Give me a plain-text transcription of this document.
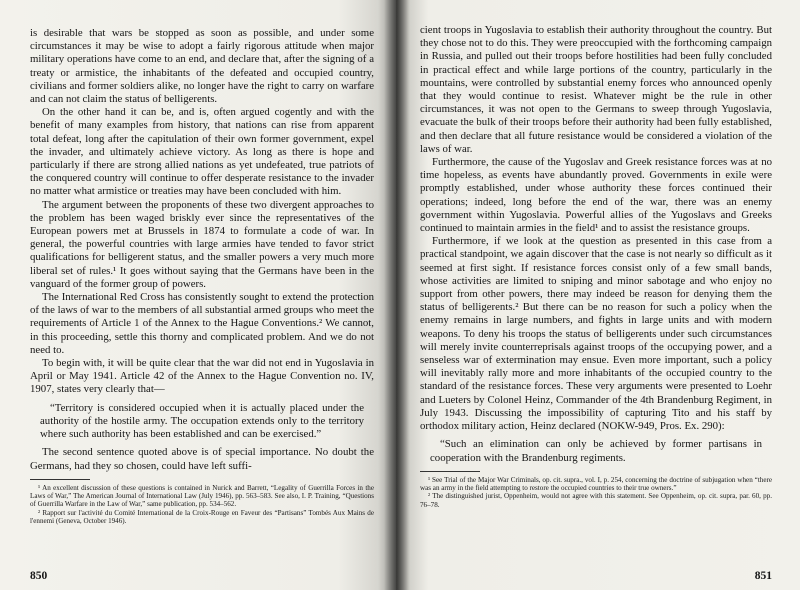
is desirable that wars be stopped as soon as possible, and under some circumstances it may be wise to adopt a fairly rigorous attitude when major military operations have come to an end, and declare that, after the signing of a treaty or armistice, the inhabitants of the defeated and occupied country, civilians and former soldiers alike, no longer have the right to carry on warfare and can not claim the status of belligerents.

On the other hand it can be, and is, often argued cogently and with the benefit of many examples from history, that nations can rise from apparent total defeat, long after the capitulation of their own former government, expel the invader, and ultimately achieve victory. As long as there is hope and particularly if there are strong allied nations as yet undefeated, true patriots of the conquered country will continue to offer desperate resistance to the invader no matter what armistice or treaties may have been concluded with him.

The argument between the proponents of these two divergent approaches to the problem has been waged briskly ever since the representatives of the European powers met at Brussels in 1874 to formulate a code of war. In general, the powerful countries with large armies have tended to favor strict qualifications for belligerent status, and the smaller powers a very much more liberal set of rules.¹ It goes without saying that the Germans have been in the vanguard of the former group of powers.

The International Red Cross has consistently sought to extend the protection of the laws of war to the members of all substantial armed groups who meet the requirements of Article 1 of the Annex to the Hague Conventions.² We cannot, in this proceeding, settle this thorny and complicated problem. And we do not need to.

To begin with, it will be quite clear that the war did not end in Yugoslavia in April or May 1941. Article 42 of the Annex to the Hague Convention no. IV, 1907, states very clearly that—

“Territory is considered occupied when it is actually placed under the authority of the hostile army. The occupation extends only to the territory where such authority has been established and can be exercised.”

The second sentence quoted above is of special importance. No doubt the Germans, had they so chosen, could have left suffi-

¹ An excellent discussion of these questions is contained in Nurick and Barrett, “Legality of Guerrilla Forces in the Laws of War,” The American Journal of International Law (July 1946), pp. 563–583. See also, I. P. Training, “Questions of Guerrilla Warfare in the Law of War,” same publication, pp. 534–562.

² Rapport sur l'activité du Comité International de la Croix-Rouge en Faveur des “Partisans” Tombés Aux Mains de l'ennemi (Geneva, October 1946).

850

cient troops in Yugoslavia to establish their authority throughout the country. But they chose not to do this. They were preoccupied with the forthcoming campaign in Russia, and pulled out their troops before hostilities had been fully concluded in practical effect and while large portions of the country, particularly in the mountains, were controlled by substantial enemy forces who announced openly that they would continue to resist. Whatever might be the rule in other circumstances, it was not open to the Germans to sweep through Yugoslavia, evacuate the bulk of their troops before their authority had been fully established, and then declare that all future resistance would be considered a violation of the laws of war.

Furthermore, the cause of the Yugoslav and Greek resistance forces was at no time hopeless, as events have abundantly proved. Governments in exile were promptly established, under whose authority these forces continued their operations; indeed, long before the end of the war, there was an enemy government within Yugoslavia. Powerful allies of the Yugoslavs and Greeks continued to maintain armies in the field¹ and to assist the resistance groups.

Furthermore, if we look at the question as presented in this case from a practical standpoint, we again discover that the case is not nearly so difficult as it seemed at first sight. If resistance forces consist only of a few small bands, whose activities are limited to sniping and minor sabotage and who enjoy no support from other powers, there may indeed be reason for denying them the status of belligerents.² But there can be no reason for such a policy when the enemy remains in large numbers, and fights in large units and with modern weapons. To deny his troops the status of belligerents under such circumstances will merely invite counterreprisals against troops of the occupying power, and a senseless war of extermination may ensue. Even more important, such a policy will inevitably rally more and more inhabitants of the occupied country to the standard of the resistance forces. These very arguments were presented to Loehr and Lueters by Colonel Heinz, Commander of the 4th Brandenburg Regiment, in July 1943. Discussing the impossibility of capturing Tito and his staff by orthodox military action, Heinz declared (NOKW-949, Pros. Ex. 290):

“Such an elimination can only be achieved by former partisans in cooperation with the Brandenburg regiments.

¹ See Trial of the Major War Criminals, op. cit. supra., vol. I, p. 254, concerning the doctrine of subjugation when “there was an army in the field attempting to restore the occupied countries to their true owners.”

² The distinguished jurist, Oppenheim, would not agree with this statement. See Oppenheim, op. cit. supra, par. 60, pp. 76–78.

851
